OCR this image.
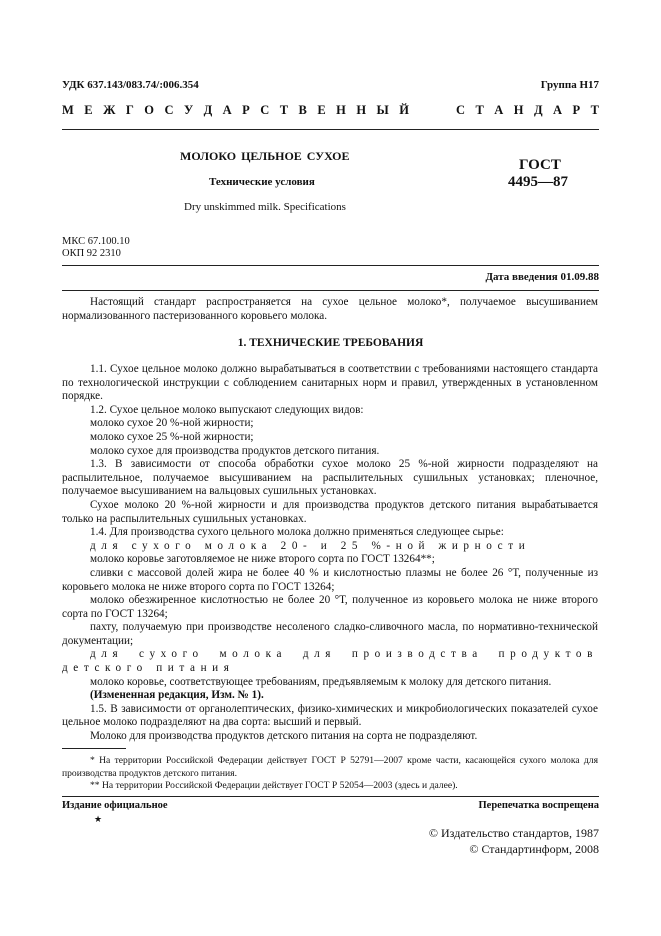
УДК 637.143/083.74/:006.354	Группа Н17
М Е Ж Г О С У Д А Р С Т В Е Н Н Ы Й	С Т А Н Д А Р Т
МОЛОКО ЦЕЛЬНОЕ СУХОЕ
Технические условия
Dry unskimmed milk. Specifications
ГОСТ
4495—87
МКС 67.100.10
ОКП 92 2310
Дата введения 01.09.88
Настоящий стандарт распространяется на сухое цельное молоко*, получаемое высушиванием нормализованного пастеризованного коровьего молока.
1. ТЕХНИЧЕСКИЕ ТРЕБОВАНИЯ

1.1. Сухое цельное молоко должно вырабатываться в соответствии с требованиями настоящего стандарта по технологической инструкции с соблюдением санитарных норм и правил, утвержденных в установленном порядке.

1.2. Сухое цельное молоко выпускают следующих видов:

молоко сухое 20 %-ной жирности;

молоко сухое 25 %-ной жирности;

молоко сухое для производства продуктов детского питания.

1.3. В зависимости от способа обработки сухое молоко 25 %-ной жирности подразделяют на распылительное, получаемое высушиванием на распылительных сушильных установках; пленочное, получаемое высушиванием на вальцовых сушильных установках.

Сухое молоко 20 %-ной жирности и для производства продуктов детского питания вырабатывается только на распылительных сушильных установках.

1.4. Для производства сухого цельного молока должно применяться следующее сырье:

для сухого молока 20- и 25 %-ной жирности

молоко коровье заготовляемое не ниже второго сорта по ГОСТ 13264**;

сливки с массовой долей жира не более 40 % и кислотностью плазмы не более 26 °Т, полученные из коровьего молока не ниже второго сорта по ГОСТ 13264;

молоко обезжиренное кислотностью не более 20 °Т, полученное из коровьего молока не ниже второго сорта по ГОСТ 13264;

пахту, получаемую при производстве несоленого сладко-сливочного масла, по нормативно-технической документации;

для сухого молока для производства продуктов детского питания

молоко коровье, соответствующее требованиям, предъявляемым к молоку для детского питания.

(Измененная редакция, Изм. № 1).

1.5. В зависимости от органолептических, физико-химических и микробиологических показателей сухое цельное молоко подразделяют на два сорта: высший и первый.

Молоко для производства продуктов детского питания на сорта не подразделяют.

* На территории Российской Федерации действует ГОСТ Р 52791—2007 кроме части, касающейся сухого молока для производства продуктов детского питания.

** На территории Российской Федерации действует ГОСТ Р 52054—2003 (здесь и далее).

Издание официальное	Перепечатка воспрещена
★
© Издательство стандартов, 1987
© Стандартинформ, 2008
